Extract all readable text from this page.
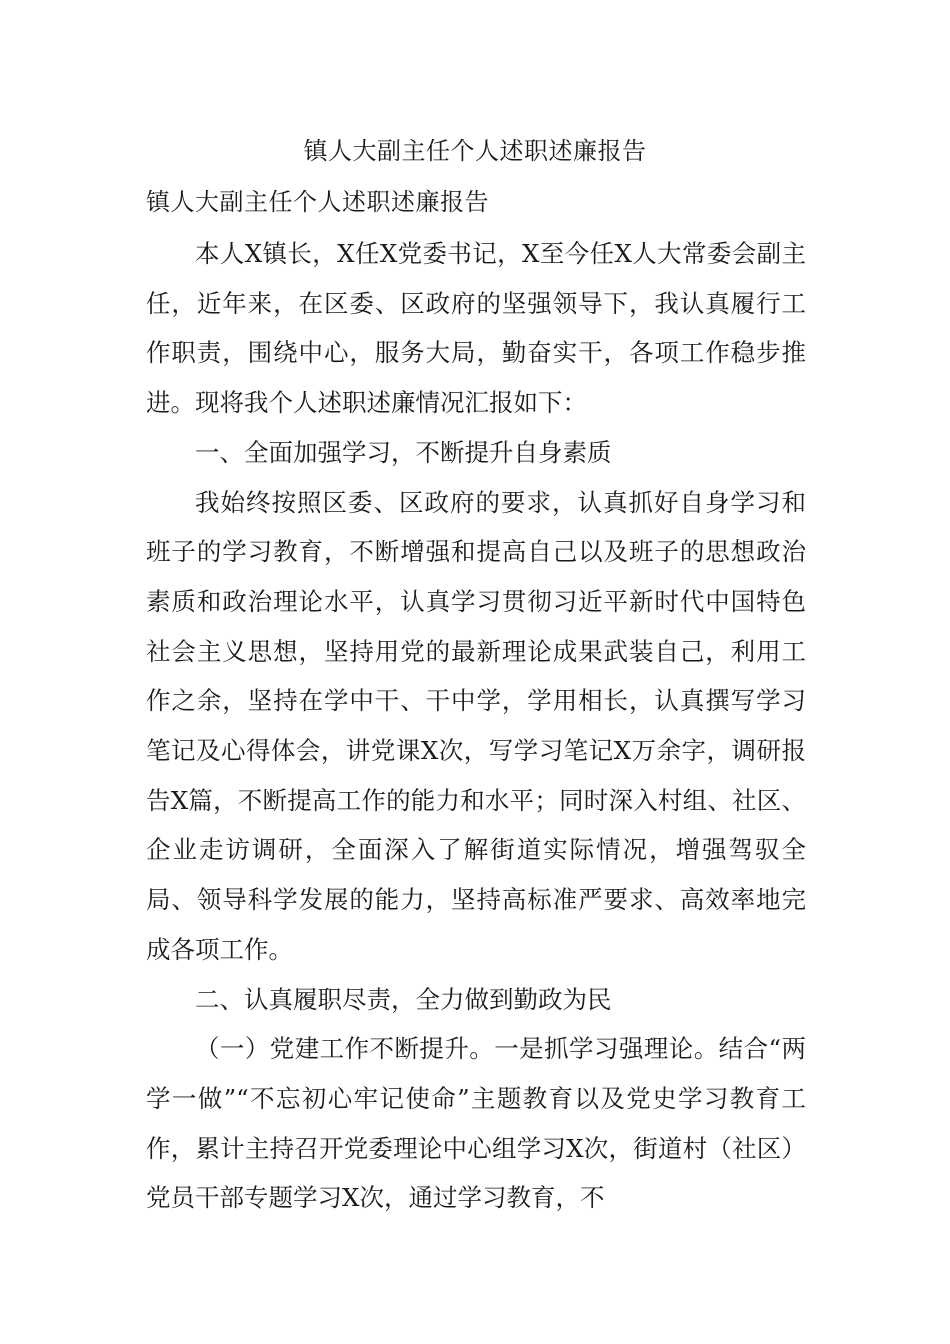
镇人大副主任个人述职述廉报告
镇人大副主任个人述职述廉报告

本人X镇长，X任X党委书记，X至今任X人大常委会副主任，近年来，在区委、区政府的坚强领导下，我认真履行工作职责，围绕中心，服务大局，勤奋实干，各项工作稳步推进。现将我个人述职述廉情况汇报如下：

一、全面加强学习，不断提升自身素质

我始终按照区委、区政府的要求，认真抓好自身学习和班子的学习教育，不断增强和提高自己以及班子的思想政治素质和政治理论水平，认真学习贯彻习近平新时代中国特色社会主义思想，坚持用党的最新理论成果武装自己，利用工作之余，坚持在学中干、干中学，学用相长，认真撰写学习笔记及心得体会，讲党课X次，写学习笔记X万余字，调研报告X篇，不断提高工作的能力和水平；同时深入村组、社区、企业走访调研，全面深入了解街道实际情况，增强驾驭全局、领导科学发展的能力，坚持高标准严要求、高效率地完成各项工作。

二、认真履职尽责，全力做到勤政为民

（一）党建工作不断提升。一是抓学习强理论。结合“两学一做”“不忘初心牢记使命”主题教育以及党史学习教育工作，累计主持召开党委理论中心组学习X次，街道村（社区）党员干部专题学习X次，通过学习教育，不
